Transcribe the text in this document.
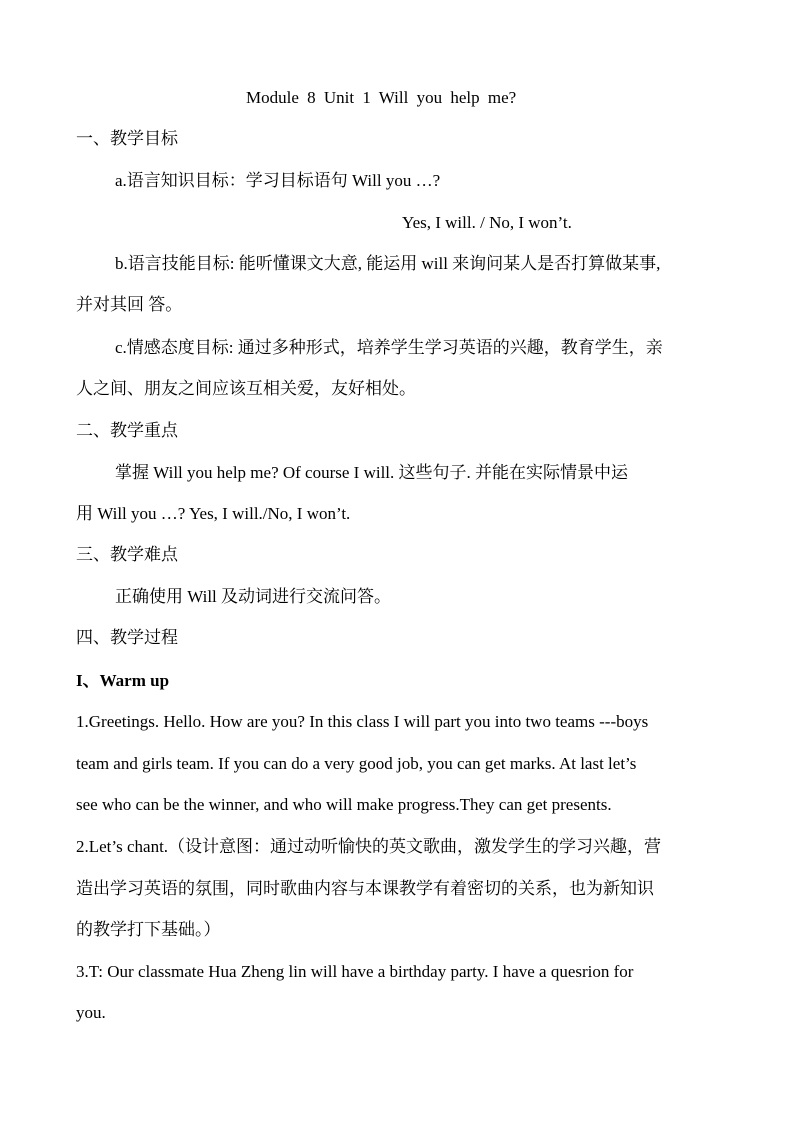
Module 8 Unit 1 Will you help me?
一、教学目标
a.语言知识目标：学习目标语句 Will you …?
Yes, I will. / No, I won’t.
b.语言技能目标: 能听懂课文大意, 能运用 will 来询问某人是否打算做某事,
并对其回 答。
c.情感态度目标: 通过多种形式，培养学生学习英语的兴趣，教育学生，亲
人之间、朋友之间应该互相关爱，友好相处。
二、教学重点
掌握 Will you help me? Of course I will. 这些句子. 并能在实际情景中运
用 Will you …? Yes, I will./No, I won’t.
三、教学难点
正确使用 Will 及动词进行交流问答。
四、教学过程
I、Warm up
1.Greetings. Hello. How are you? In this class I will part you into two teams ---boys
team and girls team. If you can do a very good job, you can get marks. At last let’s
see who can be the winner, and who will make progress.They can get presents.
2.Let’s chant.（设计意图：通过动听愉快的英文歌曲，激发学生的学习兴趣，营
造出学习英语的氛围，同时歌曲内容与本课教学有着密切的关系，也为新知识
的教学打下基础。）
3.T: Our classmate Hua Zheng lin will have a birthday party. I have a quesrion for
you.
